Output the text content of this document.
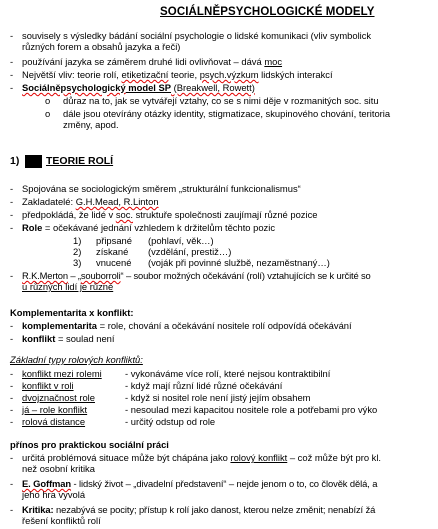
SOCIÁLNĚPSYCHOLOGICKÉ MODELY
- souvisely s výsledky bádání sociální psychologie o lidské komunikaci (vliv symbolick
různých forem a obsahů jazyka a řeči)
- používání jazyka se záměrem druhé lidi ovlivňovat – dává moc
- Největší vliv: teorie rolí, etiketizační teorie, psych.výzkum lidských interakcí
- Sociálněpsychologický model SP (Breakwell, Rowett)
o důraz na to, jak se vytvářejí vztahy, co se s nimi děje v rozmanitých soc. situ
o dále jsou otevírány otázky identity, stigmatizace, skupinového chování, teritoria
změny, apod.
1)	TEORIE ROLÍ
- Spojována se sociologickým směrem „strukturální funkcionalismus“
- Zakladatelé: G.H.Mead, R.Linton
- předpokládá, že lidé v soc. struktuře společnosti zaujímají různé pozice
- Role = očekávané jednání vzhledem k držitelům těchto pozic
1) připsané (pohlaví, věk…)
2) získané (vzdělání, prestiž…)
3) vnucené (voják při povinné službě, nezaměstnaný…)
- R.K.Merton – „souborroli“ – soubor možných očekávání (rolí) vztahujících se k určité so
u různých lidí je různé
Komplementarita x konflikt:
- komplementarita = role, chování a očekávání nositele rolí odpovídá očekávání
- konflikt = soulad není
Základní typy rolových konfliktů:
- konflikt mezi rolemi - vykonáváme více rolí, které nejsou kontraktibilní
- konflikt v roli	- když mají různí lidé různé očekávání
- dvojznačnost role	- když si nositel role není jistý jejím obsahem
- já – role konflikt	- nesoulad mezi kapacitou nositele role a potřebami pro výko
- rolová distance	- určitý odstup od role
přínos pro praktickou sociální práci
- určitá problémová situace může být chápána jako rolový konflikt – což může být pro kl.
než osobní kritika
- E. Goffman - lidský život – „divadelní představení“ – nejde jenom o to, co člověk dělá, a
jeho hra vyvolá
- Kritika: nezabývá se pocity; přístup k rolí jako danost, kterou nelze změnit; nenabízí žá
řešení konfliktů rolí
